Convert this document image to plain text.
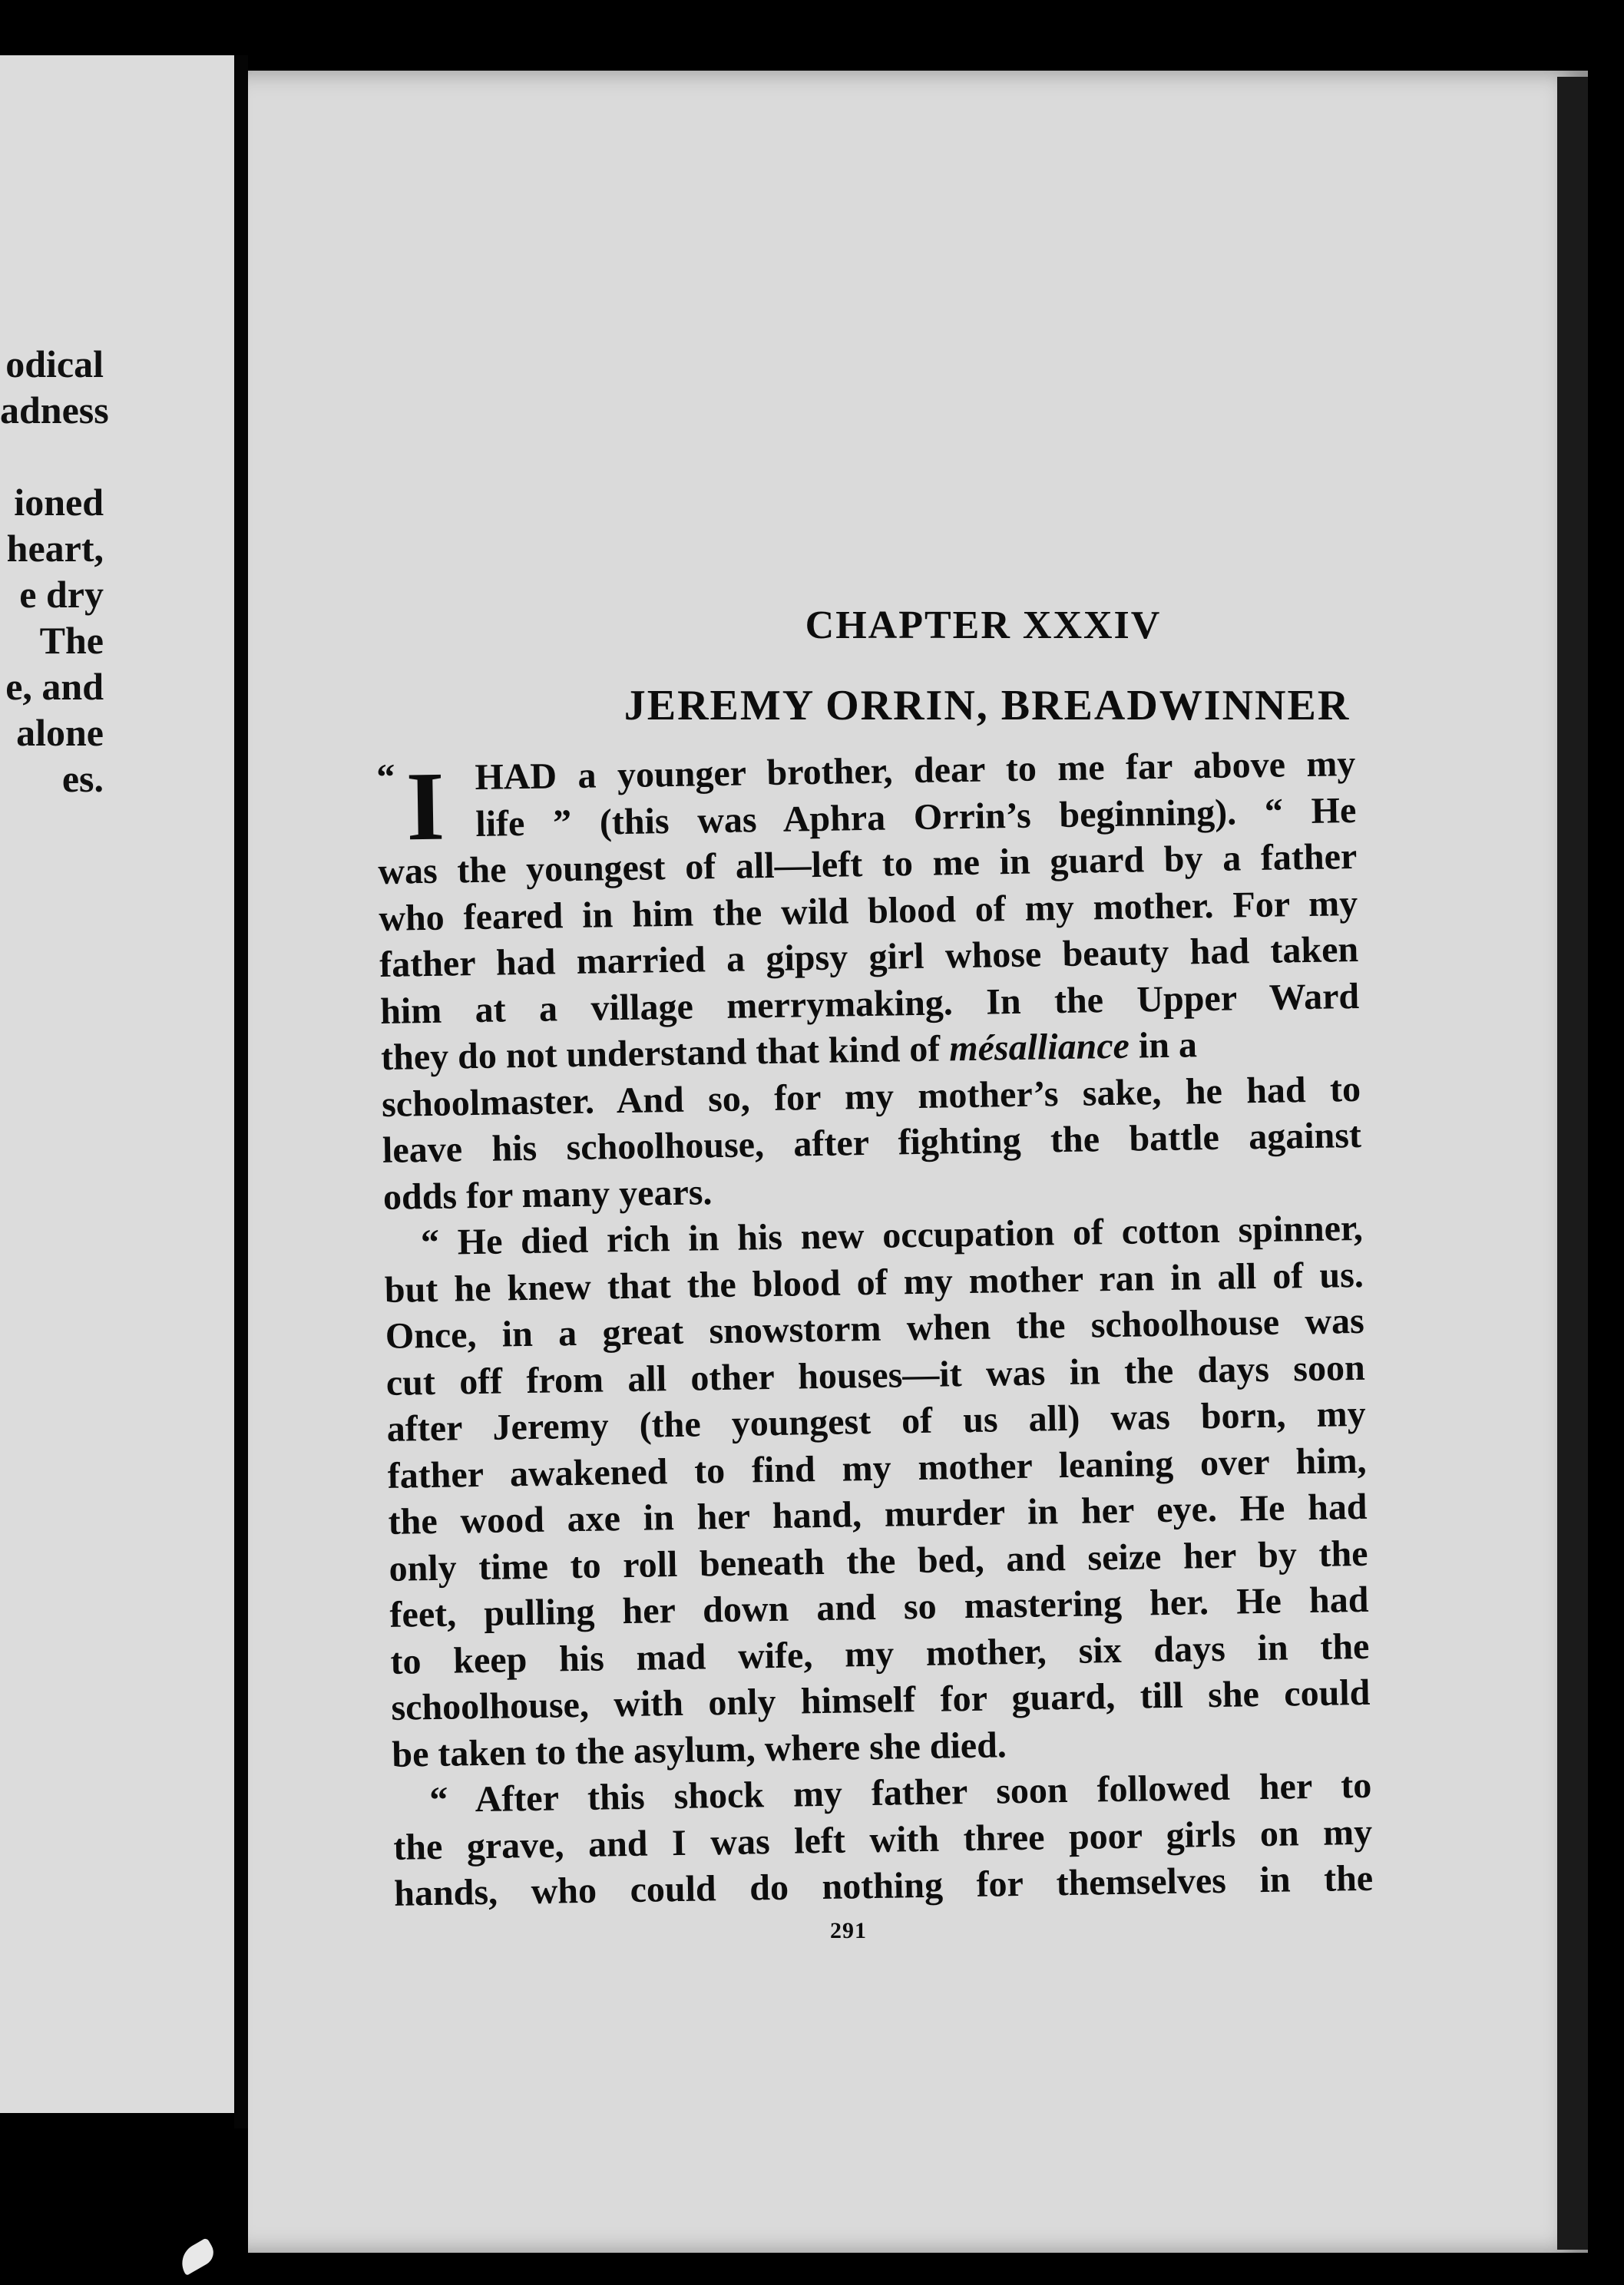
odical
adness
ioned
heart,
e dry
The
e, and
alone
es.
CHAPTER XXXIV
JEREMY ORRIN, BREADWINNER
“ I HAD a younger brother, dear to me far above my
life ” (this was Aphra Orrin’s beginning). “ He
was the youngest of all—left to me in guard by a father
who feared in him the wild blood of my mother. For my
father had married a gipsy girl whose beauty had taken
him at a village merrymaking. In the Upper Ward
they do not understand that kind of mésalliance in a
schoolmaster. And so, for my mother’s sake, he had to
leave his schoolhouse, after fighting the battle against
odds for many years.
“ He died rich in his new occupation of cotton spinner,
but he knew that the blood of my mother ran in all of us.
Once, in a great snowstorm when the schoolhouse was
cut off from all other houses—it was in the days soon
after Jeremy (the youngest of us all) was born, my
father awakened to find my mother leaning over him,
the wood axe in her hand, murder in her eye. He had
only time to roll beneath the bed, and seize her by the
feet, pulling her down and so mastering her. He had
to keep his mad wife, my mother, six days in the
schoolhouse, with only himself for guard, till she could
be taken to the asylum, where she died.
“ After this shock my father soon followed her to
the grave, and I was left with three poor girls on my
hands, who could do nothing for themselves in the
291
